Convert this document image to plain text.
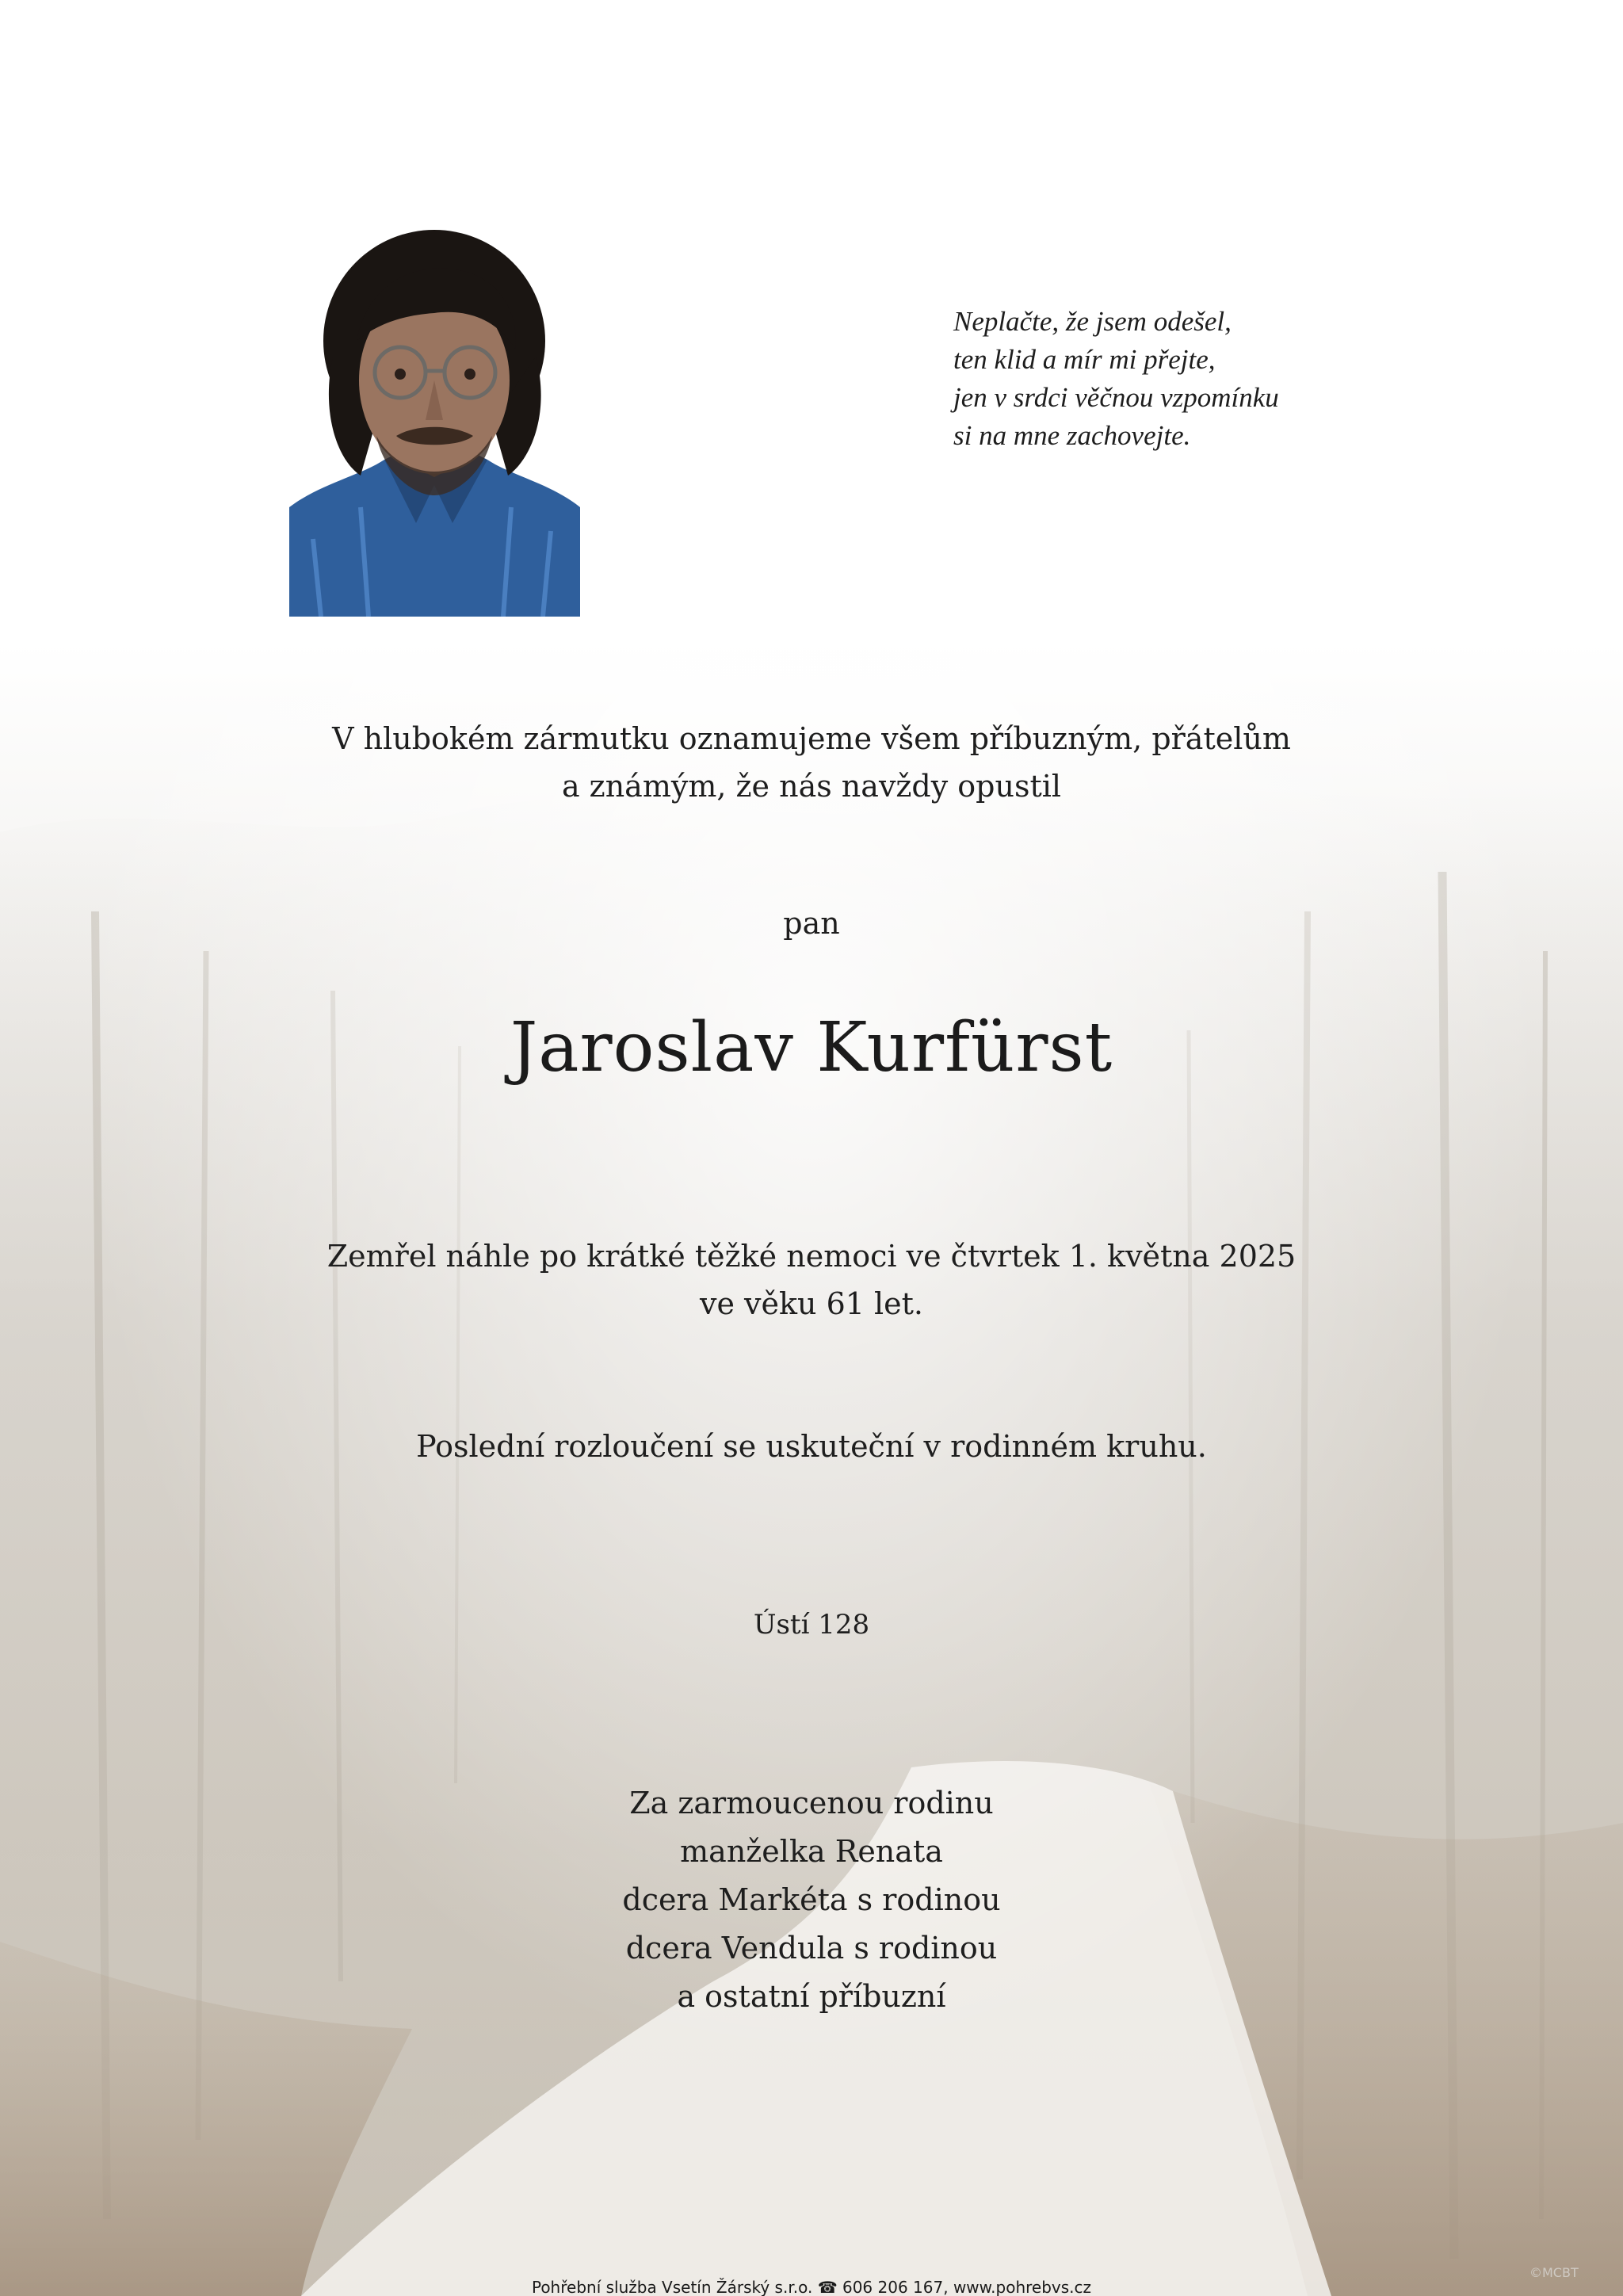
Neplačte, že jsem odešel,
ten klid a mír mi přejte,
jen v srdci věčnou vzpomínku
si na mne zachovejte.
V hlubokém zármutku oznamujeme všem příbuzným, přátelům
a známým, že nás navždy opustil
pan
Jaroslav Kurfürst
Zemřel náhle po krátké těžké nemoci ve čtvrtek 1. května 2025
ve věku 61 let.
Poslední rozloučení se uskuteční v rodinném kruhu.
Ústí 128
Za zarmoucenou rodinu
manželka Renata
dcera Markéta s rodinou
dcera Vendula s rodinou
a ostatní příbuzní
Pohřební služba Vsetín Žárský s.r.o. ☎ 606 206 167, www.pohrebvs.cz
©MCBT
